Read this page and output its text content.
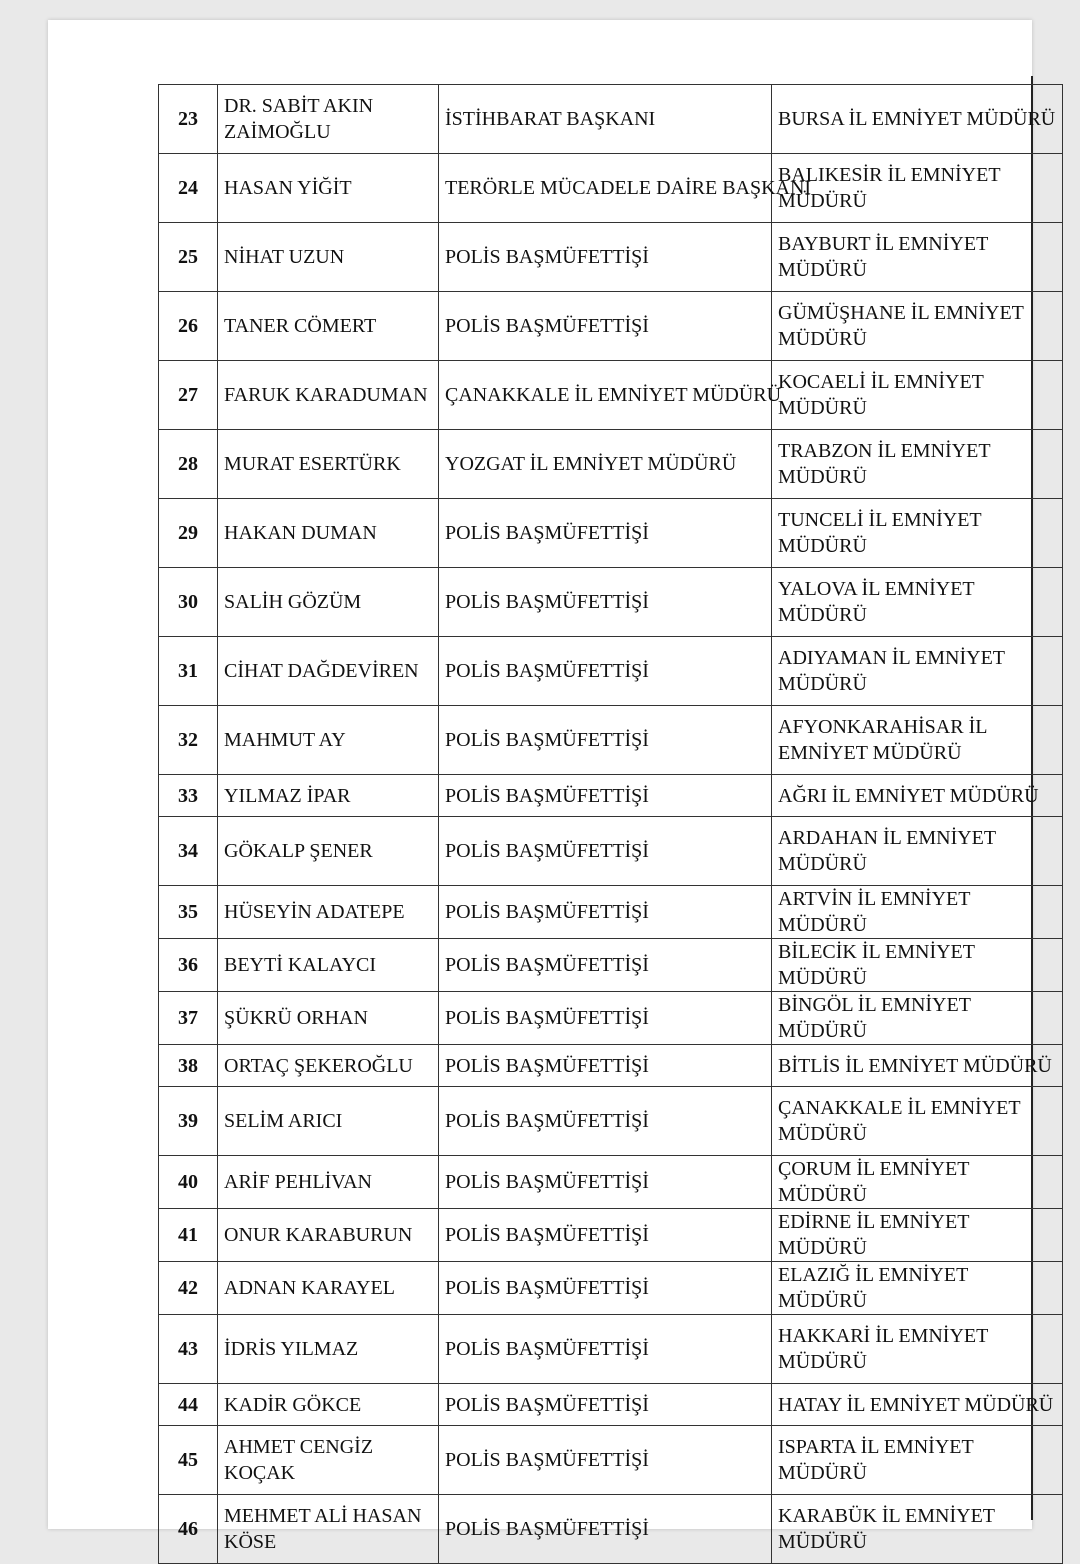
23	DR. SABİT AKIN ZAİMOĞLU	İSTİHBARAT BAŞKANI	BURSA İL EMNİYET MÜDÜRÜ
24	HASAN YİĞİT	TERÖRLE MÜCADELE DAİRE BAŞKANI	BALIKESİR İL EMNİYET MÜDÜRÜ
25	NİHAT UZUN	POLİS BAŞMÜFETTİŞİ	BAYBURT İL EMNİYET MÜDÜRÜ
26	TANER CÖMERT	POLİS BAŞMÜFETTİŞİ	GÜMÜŞHANE İL EMNİYET MÜDÜRÜ
27	FARUK KARADUMAN	ÇANAKKALE İL EMNİYET MÜDÜRÜ	KOCAELİ İL EMNİYET MÜDÜRÜ
28	MURAT ESERTÜRK	YOZGAT İL EMNİYET MÜDÜRÜ	TRABZON İL EMNİYET MÜDÜRÜ
29	HAKAN DUMAN	POLİS BAŞMÜFETTİŞİ	TUNCELİ İL EMNİYET MÜDÜRÜ
30	SALİH GÖZÜM	POLİS BAŞMÜFETTİŞİ	YALOVA İL EMNİYET MÜDÜRÜ
31	CİHAT DAĞDEVİREN	POLİS BAŞMÜFETTİŞİ	ADIYAMAN İL EMNİYET MÜDÜRÜ
32	MAHMUT AY	POLİS BAŞMÜFETTİŞİ	AFYONKARAHİSAR İL EMNİYET MÜDÜRÜ
33	YILMAZ İPAR	POLİS BAŞMÜFETTİŞİ	AĞRI İL EMNİYET MÜDÜRÜ
34	GÖKALP ŞENER	POLİS BAŞMÜFETTİŞİ	ARDAHAN İL EMNİYET MÜDÜRÜ
35	HÜSEYİN ADATEPE	POLİS BAŞMÜFETTİŞİ	ARTVİN İL EMNİYET MÜDÜRÜ
36	BEYTİ KALAYCI	POLİS BAŞMÜFETTİŞİ	BİLECİK İL EMNİYET MÜDÜRÜ
37	ŞÜKRÜ ORHAN	POLİS BAŞMÜFETTİŞİ	BİNGÖL İL EMNİYET MÜDÜRÜ
38	ORTAÇ ŞEKEROĞLU	POLİS BAŞMÜFETTİŞİ	BİTLİS İL EMNİYET MÜDÜRÜ
39	SELİM ARICI	POLİS BAŞMÜFETTİŞİ	ÇANAKKALE İL EMNİYET MÜDÜRÜ
40	ARİF PEHLİVAN	POLİS BAŞMÜFETTİŞİ	ÇORUM İL EMNİYET MÜDÜRÜ
41	ONUR KARABURUN	POLİS BAŞMÜFETTİŞİ	EDİRNE İL EMNİYET MÜDÜRÜ
42	ADNAN KARAYEL	POLİS BAŞMÜFETTİŞİ	ELAZIĞ İL EMNİYET MÜDÜRÜ
43	İDRİS YILMAZ	POLİS BAŞMÜFETTİŞİ	HAKKARİ İL EMNİYET MÜDÜRÜ
44	KADİR GÖKCE	POLİS BAŞMÜFETTİŞİ	HATAY İL EMNİYET MÜDÜRÜ
45	AHMET CENGİZ KOÇAK	POLİS BAŞMÜFETTİŞİ	ISPARTA İL EMNİYET MÜDÜRÜ
46	MEHMET ALİ HASAN KÖSE	POLİS BAŞMÜFETTİŞİ	KARABÜK İL EMNİYET MÜDÜRÜ
